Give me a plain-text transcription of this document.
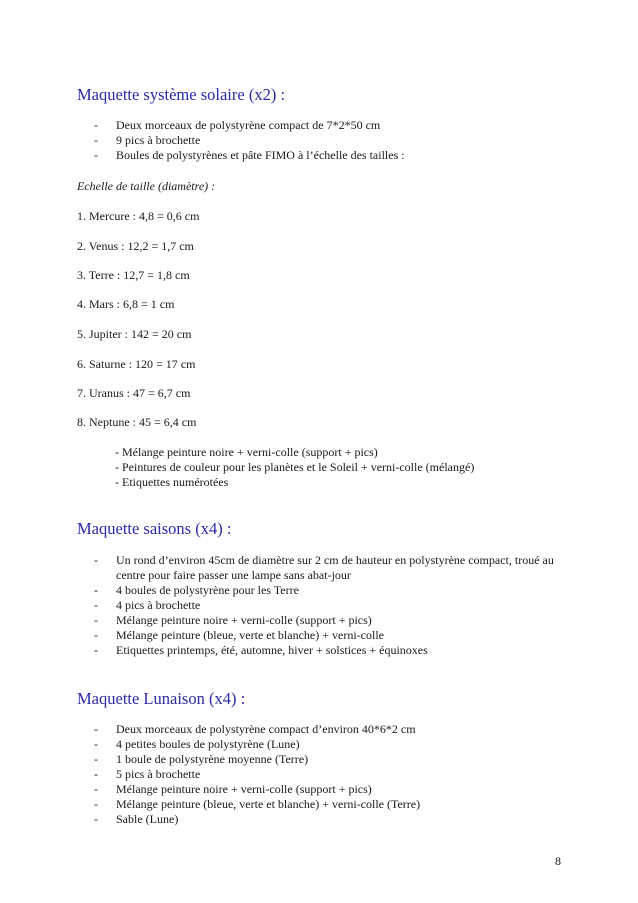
Maquette système solaire (x2) :
- Deux morceaux de polystyrène compact de 7*2*50 cm
- 9 pics à brochette
- Boules de polystyrènes et pâte FIMO à l’échelle des tailles :

Echelle de taille (diamètre) :

1. Mercure : 4,8 = 0,6 cm

2. Venus : 12,2 = 1,7 cm

3. Terre : 12,7 = 1,8 cm

4. Mars : 6,8 = 1 cm

5. Jupiter : 142 = 20 cm

6. Saturne : 120 = 17 cm

7. Uranus : 47 = 6,7 cm

8. Neptune : 45 = 6,4 cm

- Mélange peinture noire + verni-colle (support + pics)
- Peintures de couleur pour les planètes et le Soleil + verni-colle (mélangé)
- Etiquettes numérotées
Maquette saisons (x4) :
- Un rond d’environ 45cm de diamètre sur 2 cm de hauteur en polystyrène compact, troué au centre pour faire passer une lampe sans abat-jour
- 4 boules de polystyrène pour les Terre
- 4 pics à brochette
- Mélange peinture noire + verni-colle (support + pics)
- Mélange peinture (bleue, verte et blanche) + verni-colle
- Etiquettes printemps, été, automne, hiver + solstices + équinoxes
Maquette Lunaison (x4) :
- Deux morceaux de polystyrène compact d’environ 40*6*2 cm
- 4 petites boules de polystyrène (Lune)
- 1 boule de polystyrène moyenne (Terre)
- 5 pics à brochette
- Mélange peinture noire + verni-colle (support + pics)
- Mélange peinture (bleue, verte et blanche) + verni-colle (Terre)
- Sable (Lune)
8
